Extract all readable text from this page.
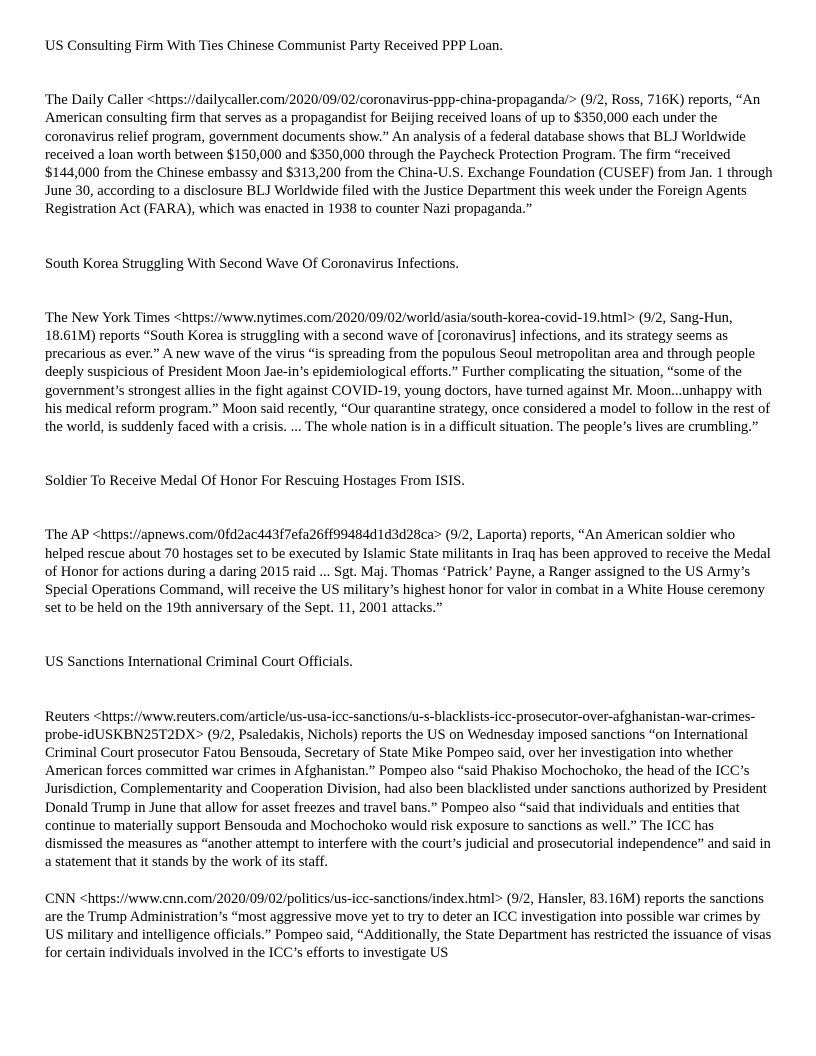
US Consulting Firm With Ties Chinese Communist Party Received PPP Loan.

The Daily Caller <https://dailycaller.com/2020/09/02/coronavirus-ppp-china-propaganda/> (9/2, Ross, 716K) reports, “An American consulting firm that serves as a propagandist for Beijing received loans of up to $350,000 each under the coronavirus relief program, government documents show.” An analysis of a federal database shows that BLJ Worldwide received a loan worth between $150,000 and $350,000 through the Paycheck Protection Program. The firm “received $144,000 from the Chinese embassy and $313,200 from the China-U.S. Exchange Foundation (CUSEF) from Jan. 1 through June 30, according to a disclosure BLJ Worldwide filed with the Justice Department this week under the Foreign Agents Registration Act (FARA), which was enacted in 1938 to counter Nazi propaganda.”

South Korea Struggling With Second Wave Of Coronavirus Infections.

The New York Times <https://www.nytimes.com/2020/09/02/world/asia/south-korea-covid-19.html> (9/2, Sang-Hun, 18.61M) reports “South Korea is struggling with a second wave of [coronavirus] infections, and its strategy seems as precarious as ever.” A new wave of the virus “is spreading from the populous Seoul metropolitan area and through people deeply suspicious of President Moon Jae-in’s epidemiological efforts.” Further complicating the situation, “some of the government’s strongest allies in the fight against COVID-19, young doctors, have turned against Mr. Moon...unhappy with his medical reform program.” Moon said recently, “Our quarantine strategy, once considered a model to follow in the rest of the world, is suddenly faced with a crisis. ... The whole nation is in a difficult situation. The people’s lives are crumbling.”

Soldier To Receive Medal Of Honor For Rescuing Hostages From ISIS.

The AP <https://apnews.com/0fd2ac443f7efa26ff99484d1d3d28ca> (9/2, Laporta) reports, “An American soldier who helped rescue about 70 hostages set to be executed by Islamic State militants in Iraq has been approved to receive the Medal of Honor for actions during a daring 2015 raid ... Sgt. Maj. Thomas ‘Patrick’ Payne, a Ranger assigned to the US Army’s Special Operations Command, will receive the US military’s highest honor for valor in combat in a White House ceremony set to be held on the 19th anniversary of the Sept. 11, 2001 attacks.”

US Sanctions International Criminal Court Officials.

Reuters <https://www.reuters.com/article/us-usa-icc-sanctions/u-s-blacklists-icc-prosecutor-over-afghanistan-war-crimes-probe-idUSKBN25T2DX> (9/2, Psaledakis, Nichols) reports the US on Wednesday imposed sanctions “on International Criminal Court prosecutor Fatou Bensouda, Secretary of State Mike Pompeo said, over her investigation into whether American forces committed war crimes in Afghanistan.” Pompeo also “said Phakiso Mochochoko, the head of the ICC’s Jurisdiction, Complementarity and Cooperation Division, had also been blacklisted under sanctions authorized by President Donald Trump in June that allow for asset freezes and travel bans.” Pompeo also “said that individuals and entities that continue to materially support Bensouda and Mochochoko would risk exposure to sanctions as well.” The ICC has dismissed the measures as “another attempt to interfere with the court’s judicial and prosecutorial independence” and said in a statement that it stands by the work of its staff.

CNN <https://www.cnn.com/2020/09/02/politics/us-icc-sanctions/index.html> (9/2, Hansler, 83.16M) reports the sanctions are the Trump Administration’s “most aggressive move yet to try to deter an ICC investigation into possible war crimes by US military and intelligence officials.” Pompeo said, “Additionally, the State Department has restricted the issuance of visas for certain individuals involved in the ICC’s efforts to investigate US
